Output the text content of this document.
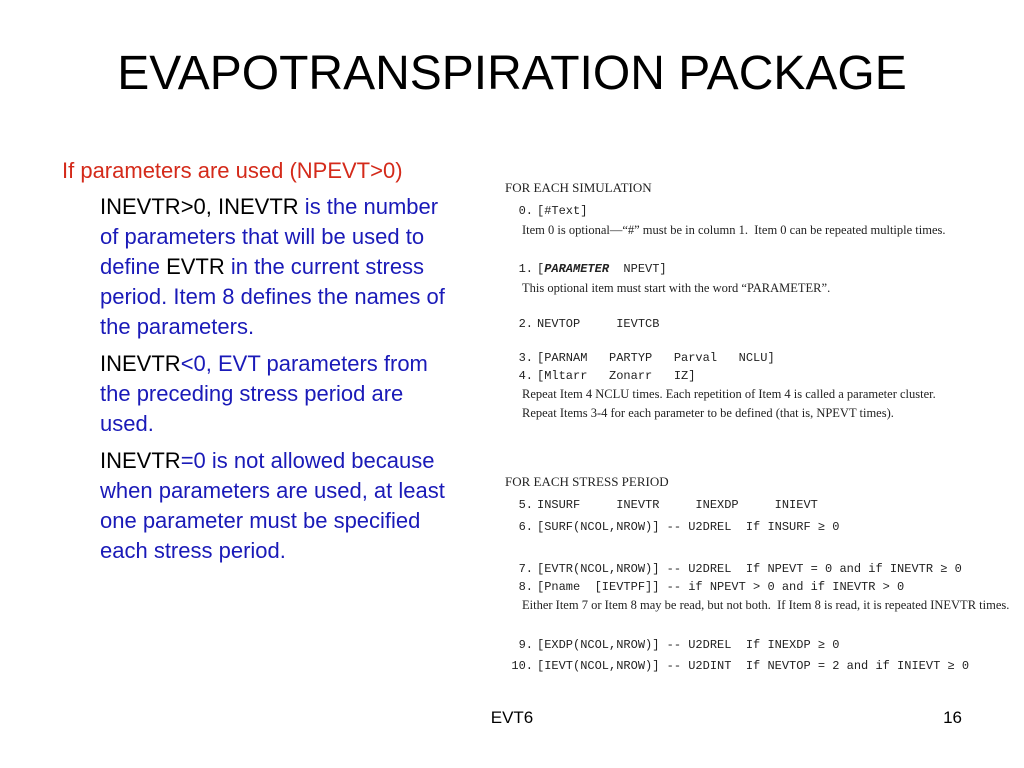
EVAPOTRANSPIRATION PACKAGE
If parameters are used (NPEVT>0)
INEVTR>0, INEVTR is the number of parameters that will be used to define EVTR in the current stress period. Item 8 defines the names of the parameters.
INEVTR<0, EVT parameters from the preceding stress period are used.
INEVTR=0 is not allowed because when parameters are used, at least one parameter must be specified each stress period.
FOR EACH SIMULATION
0. [#Text]
Item 0 is optional—“#” must be in column 1.  Item 0 can be repeated multiple times.
1. [PARAMETER  NPEVT]
This optional item must start with the word “PARAMETER”.
2. NEVTOP     IEVTCB
3. [PARNAM   PARTYP   Parval   NCLU]
4. [Mltarr   Zonarr   IZ]
Repeat Item 4 NCLU times. Each repetition of Item 4 is called a parameter cluster.
Repeat Items 3-4 for each parameter to be defined (that is, NPEVT times).
FOR EACH STRESS PERIOD
5. INSURF     INEVTR     INEXDP     INIEVT
6. [SURF(NCOL,NROW)] -- U2DREL  If INSURF ≥ 0
7. [EVTR(NCOL,NROW)] -- U2DREL  If NPEVT = 0 and if INEVTR ≥ 0
8. [Pname  [IEVTPF]] -- if NPEVT > 0 and if INEVTR > 0
Either Item 7 or Item 8 may be read, but not both.  If Item 8 is read, it is repeated INEVTR times.
9. [EXDP(NCOL,NROW)] -- U2DREL  If INEXDP ≥ 0
10. [IEVT(NCOL,NROW)] -- U2DINT  If NEVTOP = 2 and if INIEVT ≥ 0
EVT6	16
